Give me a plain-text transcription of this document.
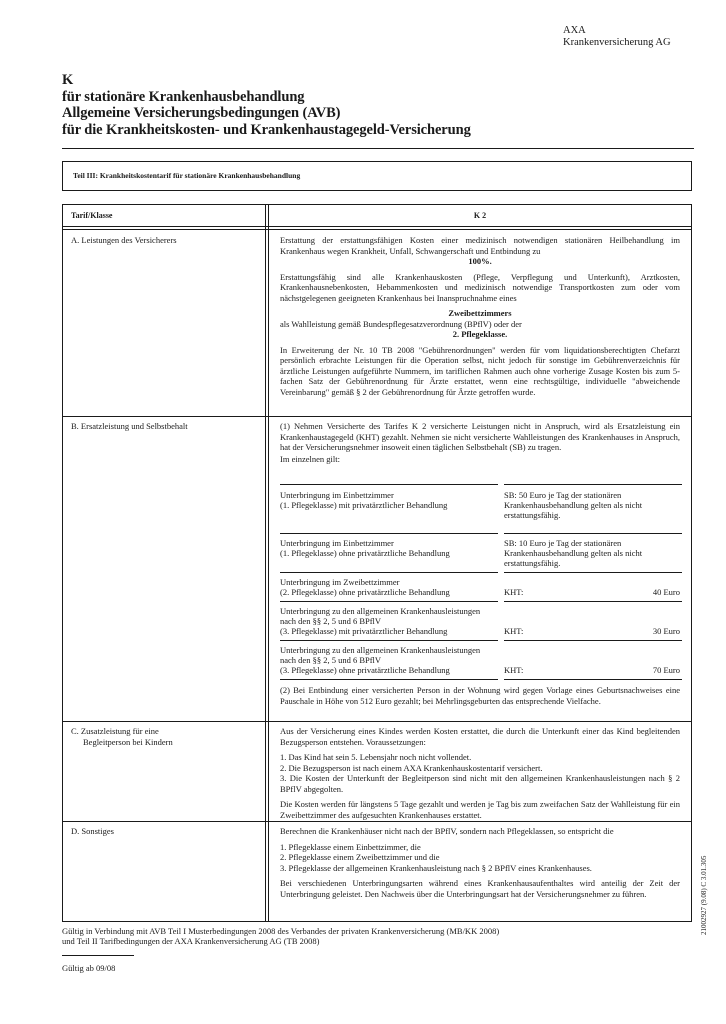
AXA
Krankenversicherung AG
K
für stationäre Krankenhausbehandlung
Allgemeine Versicherungsbedingungen (AVB)
für die Krankheitskosten- und Krankenhaustagegeld-Versicherung
Teil III: Krankheitskostentarif für stationäre Krankenhausbehandlung
Tarif/Klasse	K 2
A. Leistungen des Versicherers	Erstattung der erstattungsfähigen Kosten einer medizinisch notwendigen stationären Heilbehandlung im Krankenhaus wegen Krankheit, Unfall, Schwangerschaft und Entbindung zu

100%.

Erstattungsfähig sind alle Krankenhauskosten (Pflege, Verpflegung und Unterkunft), Arztkosten, Krankenhausnebenkosten, Hebammenkosten und medizinisch notwendige Transportkosten zum oder vom nächstgelegenen geeigneten Krankenhaus bei Inanspruchnahme eines

Zweibettzimmers
als Wahlleistung gemäß Bundespflegesatzverordnung (BPflV) oder der

2. Pflegeklasse.

In Erweiterung der Nr. 10 TB 2008 "Gebührenordnungen" werden für vom liquidationsberechtigten Chefarzt persönlich erbrachte Leistungen für die Operation selbst, nicht jedoch für sonstige im Gebührenverzeichnis für ärztliche Leistungen aufgeführte Nummern, im tariflichen Rahmen auch ohne vorherige Zusage Kosten bis zum 5-fachen Satz der Gebührenordnung für Ärzte erstattet, wenn eine rechtsgültige, individuelle "abweichende Vereinbarung" gemäß § 2 der Gebührenordnung für Ärzte getroffen wurde.

B. Ersatzleistung und Selbstbehalt	(1) Nehmen Versicherte des Tarifes K 2 versicherte Leistungen nicht in Anspruch, wird als Ersatzleistung ein Krankenhaustagegeld (KHT) gezahlt. Nehmen sie nicht versicherte Wahlleistungen des Krankenhauses in Anspruch, hat der Versicherungsnehmer insoweit einen täglichen Selbstbehalt (SB) zu tragen.

Im einzelnen gilt:

Unterbringung im Einbettzimmer
(1. Pflegeklasse) mit privatärztlicher Behandlung
SB: 50 Euro je Tag der stationären Krankenhausbehandlung gelten als nicht erstattungsfähig.
Unterbringung im Einbettzimmer
(1. Pflegeklasse) ohne privatärztliche Behandlung
SB: 10 Euro je Tag der stationären Krankenhausbehandlung gelten als nicht erstattungsfähig.
Unterbringung im Zweibettzimmer
(2. Pflegeklasse) ohne privatärztliche Behandlung	KHT:	40 Euro
Unterbringung zu den allgemeinen Krankenhausleistungen nach den §§ 2, 5 und 6 BPflV
(3. Pflegeklasse) mit privatärztlicher Behandlung	KHT:	30 Euro
Unterbringung zu den allgemeinen Krankenhausleistungen nach den §§ 2, 5 und 6 BPflV
(3. Pflegeklasse) ohne privatärztliche Behandlung	KHT:	70 Euro
(2) Bei Entbindung einer versicherten Person in der Wohnung wird gegen Vorlage eines Geburtsnachweises eine Pauschale in Höhe von 512 Euro gezahlt; bei Mehrlingsgeburten das entsprechende Vielfache.
C. Zusatzleistung für eine
Begleitperson bei Kindern

Aus der Versicherung eines Kindes werden Kosten erstattet, die durch die Unterkunft einer das Kind begleitenden Bezugsperson entstehen. Voraussetzungen:

1. Das Kind hat sein 5. Lebensjahr noch nicht vollendet.
2. Die Bezugsperson ist nach einem AXA Krankenhauskostentarif versichert.

3. Die Kosten der Unterkunft der Begleitperson sind nicht mit den allgemeinen Krankenhausleistungen nach § 2 BPflV abgegolten.

Die Kosten werden für längstens 5 Tage gezahlt und werden je Tag bis zum zweifachen Satz der Wahlleistung für ein Zweibettzimmer des aufgesuchten Krankenhauses erstattet.

D. Sonstiges	Berechnen die Krankenhäuser nicht nach der BPflV, sondern nach Pflegeklassen, so entspricht die

1. Pflegeklasse einem Einbettzimmer, die
2. Pflegeklasse einem Zweibettzimmer und die

3. Pflegeklasse der allgemeinen Krankenhausleistung nach § 2 BPflV eines Krankenhauses.

Bei verschiedenen Unterbringungsarten während eines Krankenhausaufenthaltes wird anteilig der Zeit der Unterbringung geleistet. Den Nachweis über die Unterbringungsart hat der Versicherungsnehmer zu führen.

Gültig in Verbindung mit AVB Teil I Musterbedingungen 2008 des Verbandes der privaten Krankenversicherung (MB/KK 2008)
und Teil II Tarifbedingungen der AXA Krankenversicherung AG (TB 2008)
Gültig ab 09/08
21002927 (9.08) C 3.01.305
